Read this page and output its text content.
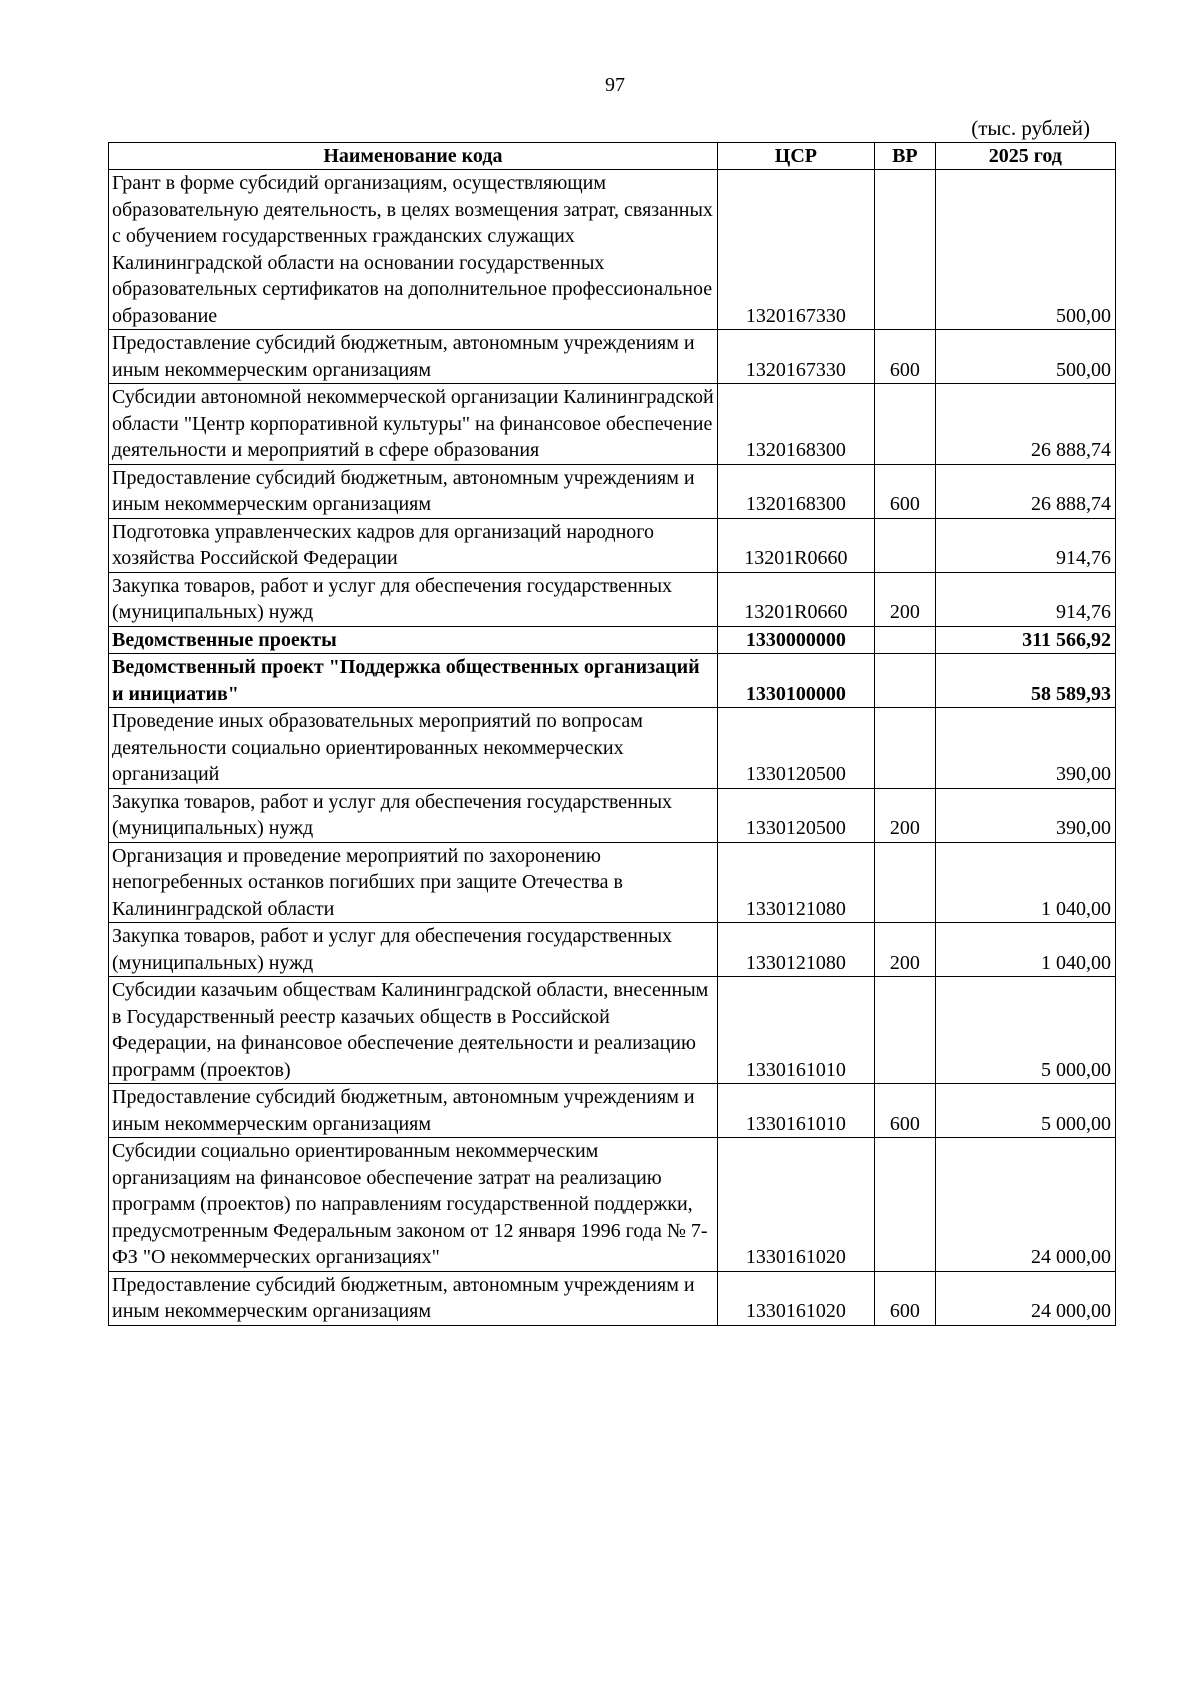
97
(тыс. рублей)
Наименование кода	ЦСР	ВР	2025 год
Грант в форме субсидий организациям, осуществляющим образовательную деятельность, в целях возмещения затрат, связанных с обучением государственных гражданских служащих Калининградской области на основании государственных образовательных сертификатов на дополнительное профессиональное образование	1320167330		500,00
Предоставление субсидий бюджетным, автономным учреждениям и иным некоммерческим организациям	1320167330	600	500,00
Субсидии автономной некоммерческой организации Калининградской области "Центр корпоративной культуры" на финансовое обеспечение деятельности и мероприятий в сфере образования	1320168300		26 888,74
Предоставление субсидий бюджетным, автономным учреждениям и иным некоммерческим организациям	1320168300	600	26 888,74
Подготовка управленческих кадров для организаций народного хозяйства Российской Федерации	13201R0660		914,76
Закупка товаров, работ и услуг для обеспечения государственных (муниципальных) нужд	13201R0660	200	914,76
Ведомственные проекты	1330000000		311 566,92
Ведомственный проект "Поддержка общественных организаций и инициатив"	1330100000		58 589,93
Проведение иных образовательных мероприятий по вопросам деятельности социально ориентированных некоммерческих организаций	1330120500		390,00
Закупка товаров, работ и услуг для обеспечения государственных (муниципальных) нужд	1330120500	200	390,00
Организация и проведение мероприятий по захоронению непогребенных останков погибших при защите Отечества в Калининградской области	1330121080		1 040,00
Закупка товаров, работ и услуг для обеспечения государственных (муниципальных) нужд	1330121080	200	1 040,00
Субсидии казачьим обществам Калининградской области, внесенным в Государственный реестр казачьих обществ в Российской Федерации, на финансовое обеспечение деятельности и реализацию программ (проектов)	1330161010		5 000,00
Предоставление субсидий бюджетным, автономным учреждениям и иным некоммерческим организациям	1330161010	600	5 000,00
Субсидии социально ориентированным некоммерческим организациям на финансовое обеспечение затрат на реализацию программ (проектов) по направлениям государственной поддержки, предусмотренным Федеральным законом от 12 января 1996 года № 7-ФЗ "О некоммерческих организациях"	1330161020		24 000,00
Предоставление субсидий бюджетным, автономным учреждениям и иным некоммерческим организациям	1330161020	600	24 000,00
